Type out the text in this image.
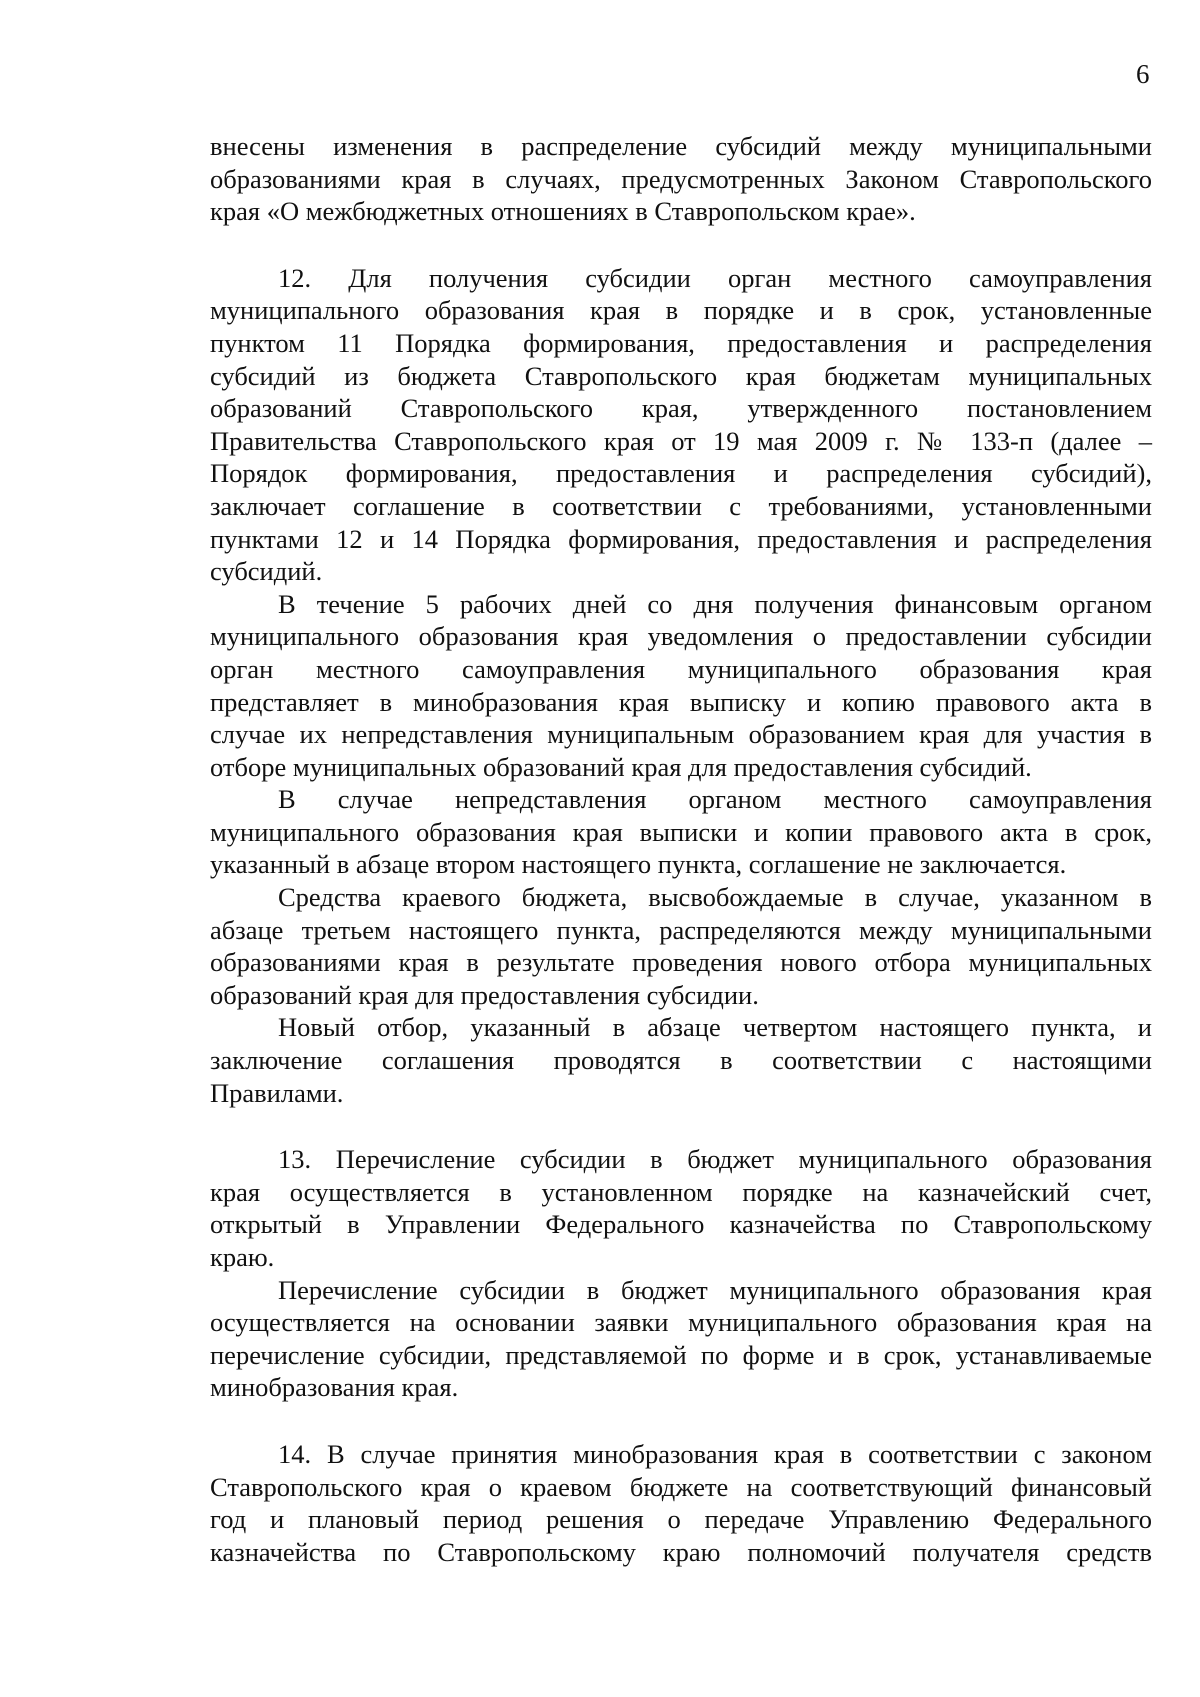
6

внесены изменения в распределение субсидий между муниципальными
образованиями края в случаях, предусмотренных Законом Ставропольского
края «О межбюджетных отношениях в Ставропольском крае».

12. Для получения субсидии орган местного самоуправления
муниципального образования края в порядке и в срок, установленные
пунктом 11 Порядка формирования, предоставления и распределения
субсидий из бюджета Ставропольского края бюджетам муниципальных
образований Ставропольского края, утвержденного постановлением
Правительства Ставропольского края от 19 мая 2009 г. № 133-п (далее –
Порядок формирования, предоставления и распределения субсидий),
заключает соглашение в соответствии с требованиями, установленными
пунктами 12 и 14 Порядка формирования, предоставления и распределения
субсидий.

В течение 5 рабочих дней со дня получения финансовым органом
муниципального образования края уведомления о предоставлении субсидии
орган местного самоуправления муниципального образования края
представляет в минобразования края выписку и копию правового акта в
случае их непредставления муниципальным образованием края для участия в
отборе муниципальных образований края для предоставления субсидий.

В случае непредставления органом местного самоуправления
муниципального образования края выписки и копии правового акта в срок,
указанный в абзаце втором настоящего пункта, соглашение не заключается.

Средства краевого бюджета, высвобождаемые в случае, указанном в
абзаце третьем настоящего пункта, распределяются между муниципальными
образованиями края в результате проведения нового отбора муниципальных
образований края для предоставления субсидии.

Новый отбор, указанный в абзаце четвертом настоящего пункта, и
заключение соглашения проводятся в соответствии с настоящими
Правилами.

13. Перечисление субсидии в бюджет муниципального образования
края осуществляется в установленном порядке на казначейский счет,
открытый в Управлении Федерального казначейства по Ставропольскому
краю.

Перечисление субсидии в бюджет муниципального образования края
осуществляется на основании заявки муниципального образования края на
перечисление субсидии, представляемой по форме и в срок, устанавливаемые
минобразования края.

14. В случае принятия минобразования края в соответствии с законом
Ставропольского края о краевом бюджете на соответствующий финансовый
год и плановый период решения о передаче Управлению Федерального
казначейства по Ставропольскому краю полномочий получателя средств
